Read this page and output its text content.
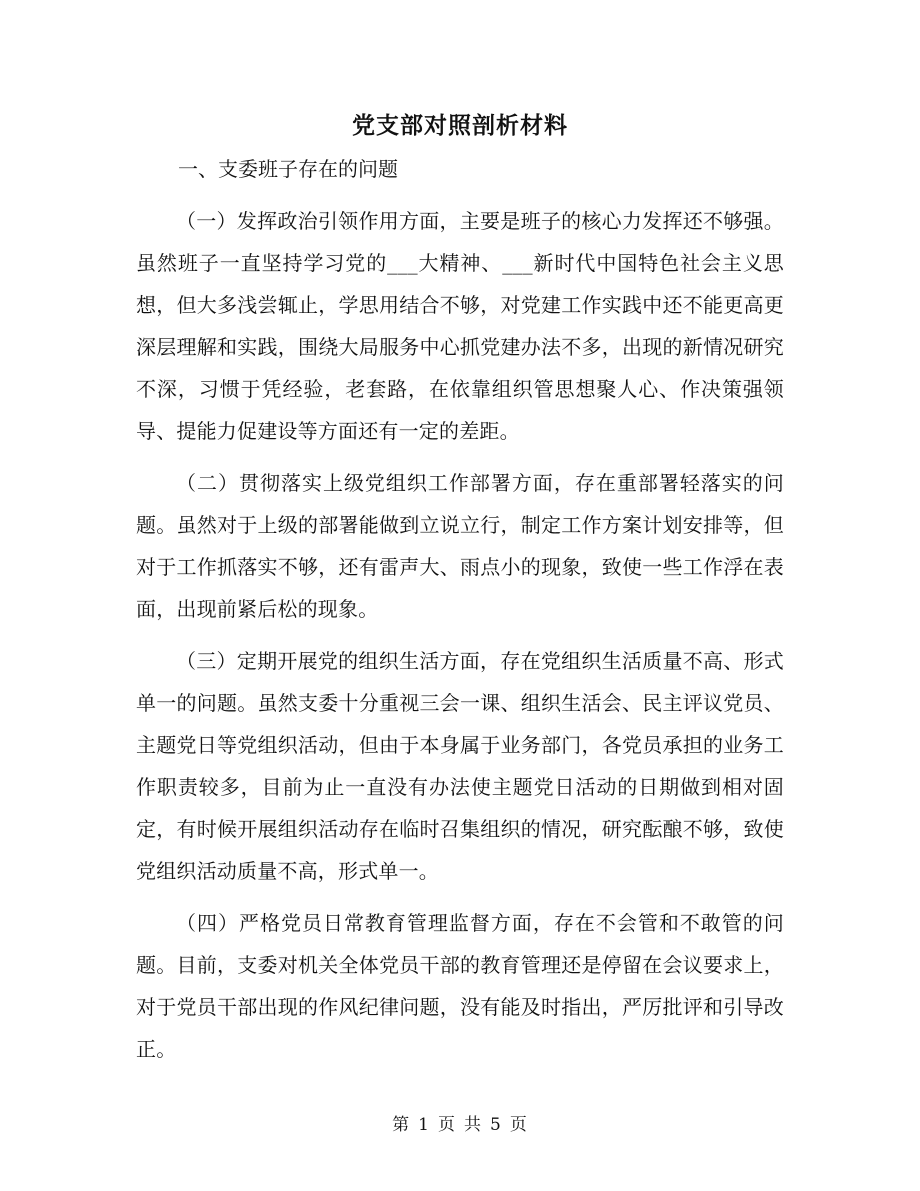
党支部对照剖析材料

一、支委班子存在的问题

（一）发挥政治引领作用方面，主要是班子的核心力发挥还不够强。虽然班子一直坚持学习党的___大精神、___新时代中国特色社会主义思想，但大多浅尝辄止，学思用结合不够，对党建工作实践中还不能更高更深层理解和实践，围绕大局服务中心抓党建办法不多，出现的新情况研究不深，习惯于凭经验，老套路，在依靠组织管思想聚人心、作决策强领导、提能力促建设等方面还有一定的差距。

（二）贯彻落实上级党组织工作部署方面，存在重部署轻落实的问题。虽然对于上级的部署能做到立说立行，制定工作方案计划安排等，但对于工作抓落实不够，还有雷声大、雨点小的现象，致使一些工作浮在表面，出现前紧后松的现象。

（三）定期开展党的组织生活方面，存在党组织生活质量不高、形式单一的问题。虽然支委十分重视三会一课、组织生活会、民主评议党员、主题党日等党组织活动，但由于本身属于业务部门，各党员承担的业务工作职责较多，目前为止一直没有办法使主题党日活动的日期做到相对固定，有时候开展组织活动存在临时召集组织的情况，研究酝酿不够，致使党组织活动质量不高，形式单一。

（四）严格党员日常教育管理监督方面，存在不会管和不敢管的问题。目前，支委对机关全体党员干部的教育管理还是停留在会议要求上，对于党员干部出现的作风纪律问题，没有能及时指出，严厉批评和引导改正。

第 1 页 共 5 页
